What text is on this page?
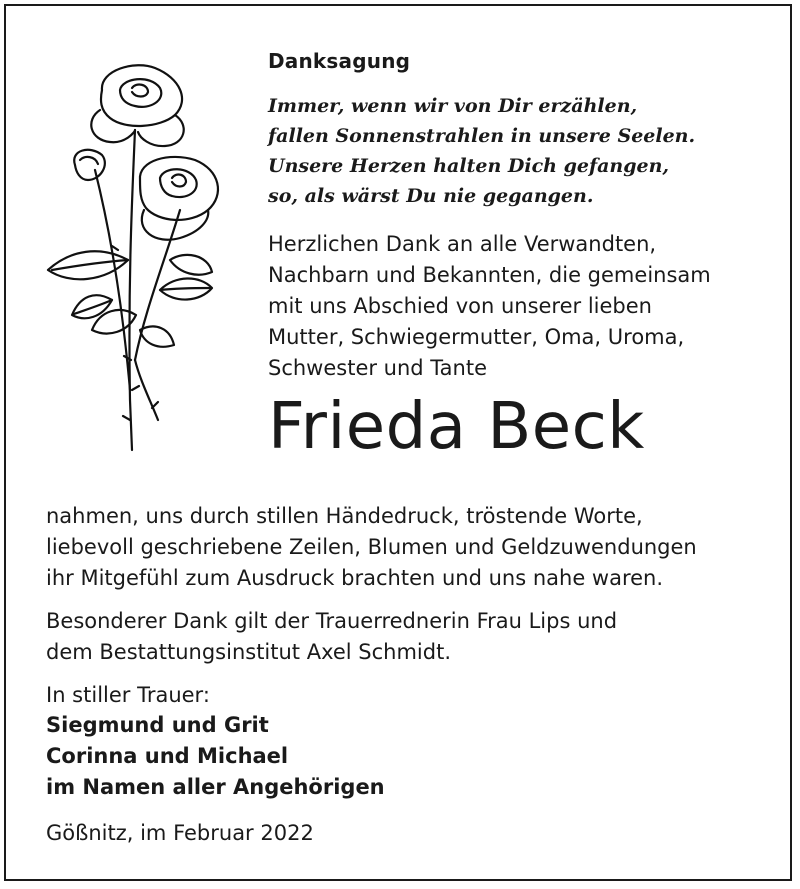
Danksagung
Immer, wenn wir von Dir erzählen,
fallen Sonnenstrahlen in unsere Seelen.
Unsere Herzen halten Dich gefangen,
so, als wärst Du nie gegangen.
Herzlichen Dank an alle Verwandten,
Nachbarn und Bekannten, die gemeinsam
mit uns Abschied von unserer lieben
Mutter, Schwiegermutter, Oma, Uroma,
Schwester und Tante
Frieda Beck
nahmen, uns durch stillen Händedruck, tröstende Worte,
liebevoll geschriebene Zeilen, Blumen und Geldzuwendungen
ihr Mitgefühl zum Ausdruck brachten und uns nahe waren.
Besonderer Dank gilt der Trauerrednerin Frau Lips und
dem Bestattungsinstitut Axel Schmidt.
In stiller Trauer:
Siegmund und Grit
Corinna und Michael
im Namen aller Angehörigen
Gößnitz, im Februar 2022
